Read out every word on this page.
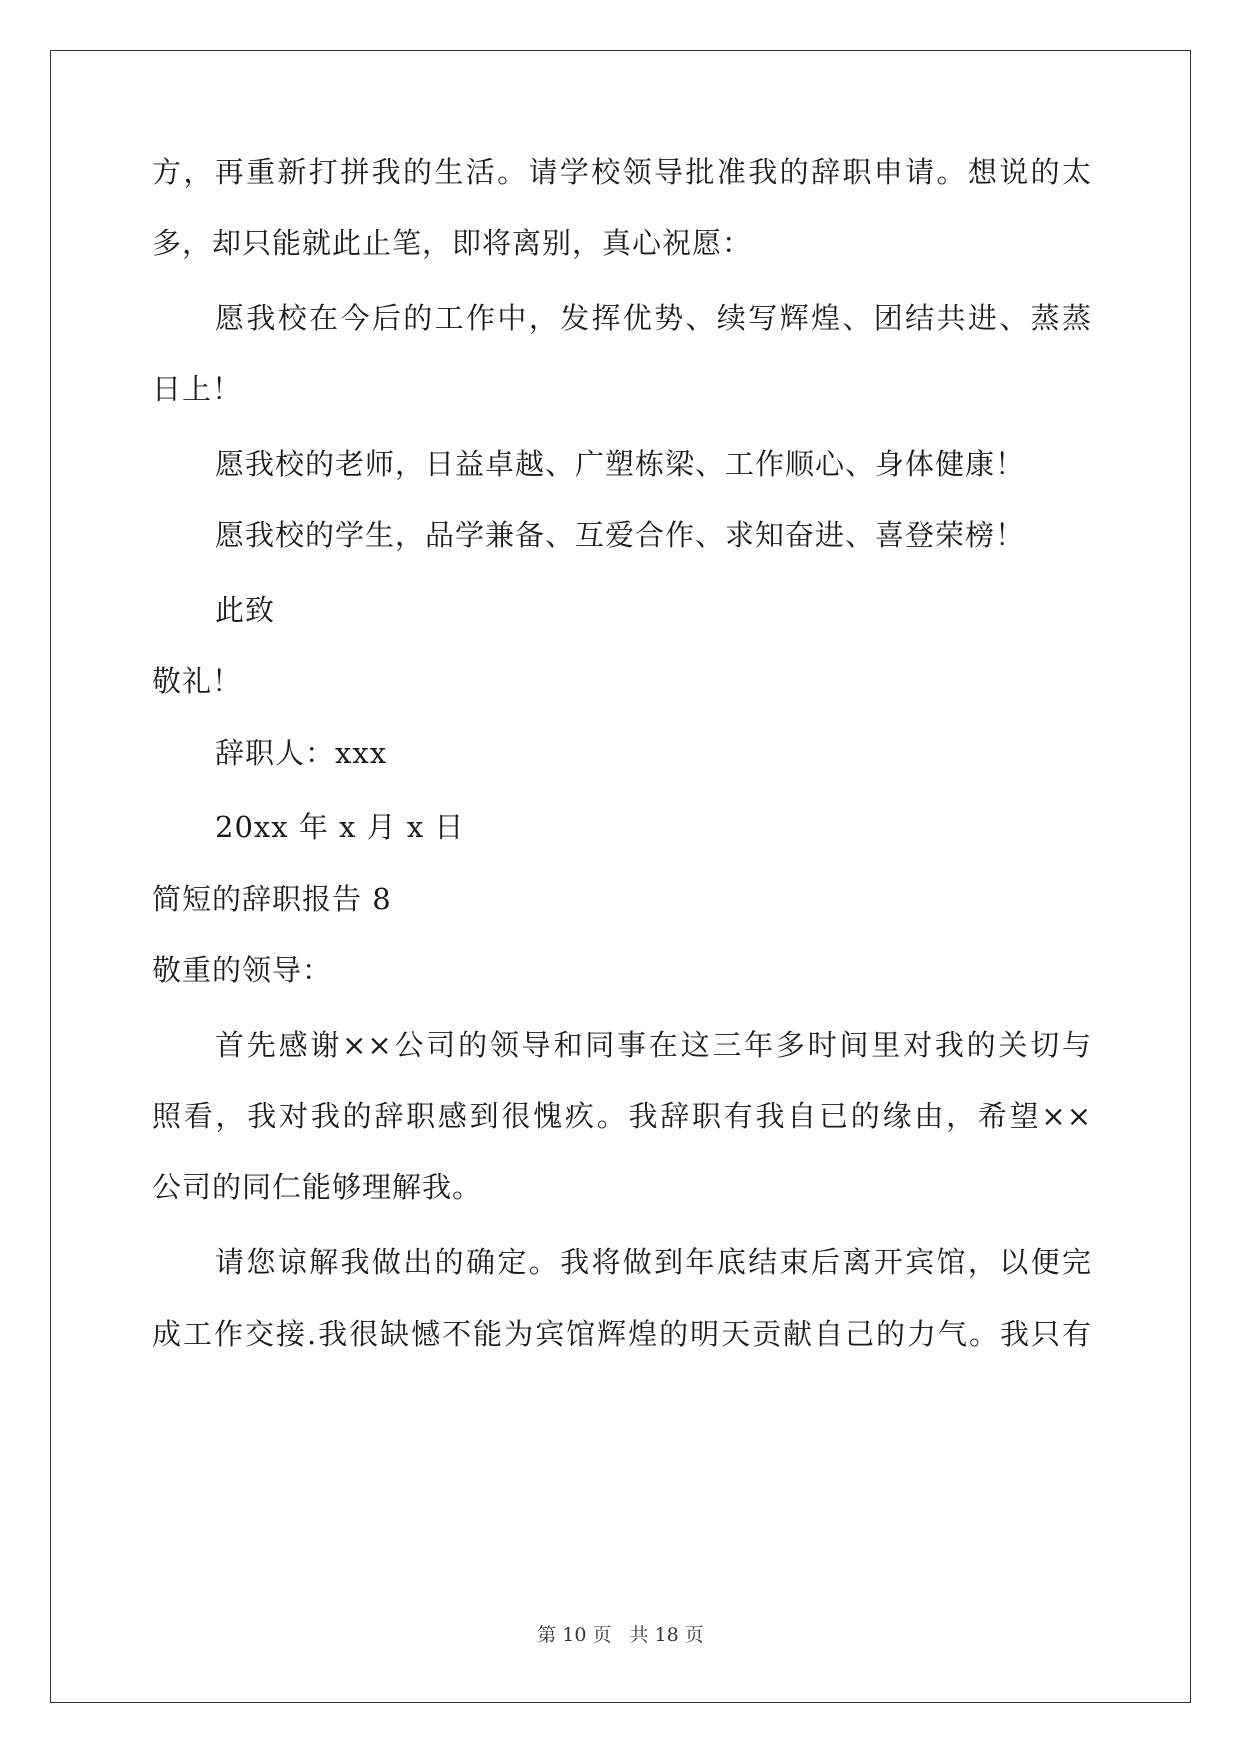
方，再重新打拼我的生活。请学校领导批准我的辞职申请。想说的太
多，却只能就此止笔，即将离别，真心祝愿：
愿我校在今后的工作中，发挥优势、续写辉煌、团结共进、蒸蒸
日上！
愿我校的老师，日益卓越、广塑栋梁、工作顺心、身体健康！
愿我校的学生，品学兼备、互爱合作、求知奋进、喜登荣榜！
此致
敬礼！
辞职人：xxx
20xx 年 x 月 x 日
简短的辞职报告 8
敬重的领导：
首先感谢××公司的领导和同事在这三年多时间里对我的关切与
照看，我对我的辞职感到很愧疚。我辞职有我自已的缘由，希望××
公司的同仁能够理解我。
请您谅解我做出的确定。我将做到年底结束后离开宾馆，以便完
成工作交接.我很缺憾不能为宾馆辉煌的明天贡献自己的力气。我只有
第 10 页 共 18 页
